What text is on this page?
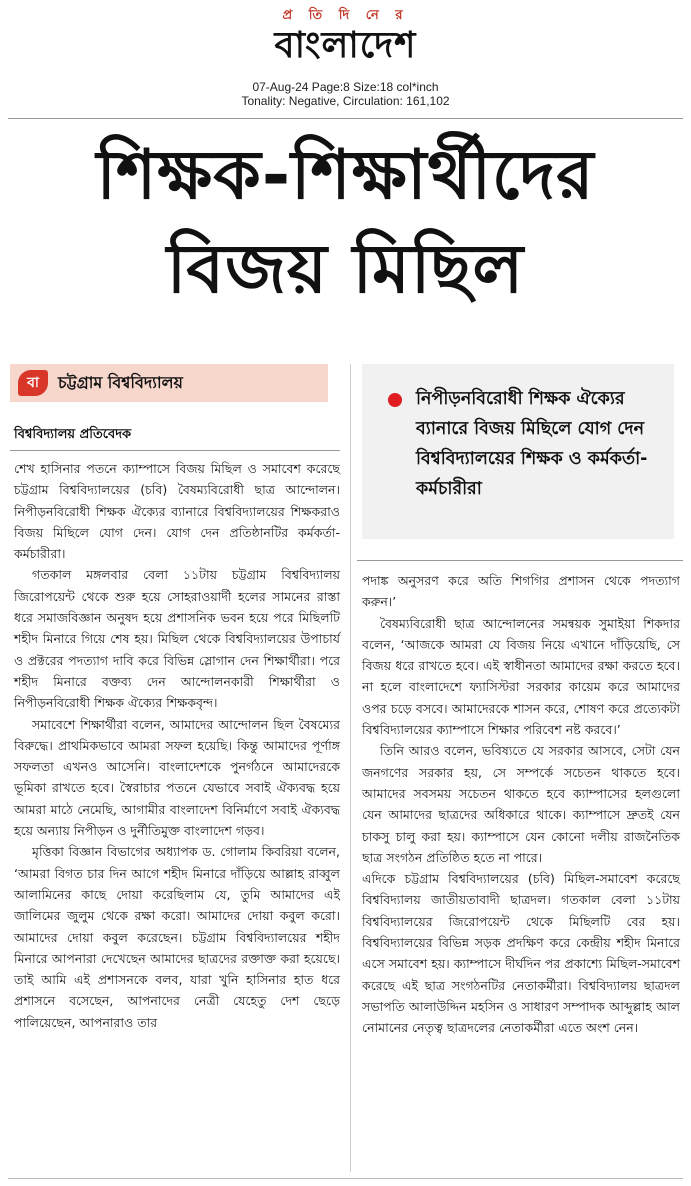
প্র তি দি নে র
বাংলাদেশ
07-Aug-24 Page:8 Size:18 col*inch
Tonality: Negative, Circulation: 161,102
শিক্ষক-শিক্ষার্থীদের
বিজয় মিছিল
বা	চট্টগ্রাম বিশ্ববিদ্যালয়
বিশ্ববিদ্যালয় প্রতিবেদক
নিপীড়নবিরোধী শিক্ষক ঐক্যের ব্যানারে বিজয় মিছিলে যোগ দেন বিশ্ববিদ্যালয়ের শিক্ষক ও কর্মকর্তা-কর্মচারীরা

শেখ হাসিনার পতনে ক্যাম্পাসে বিজয় মিছিল ও সমাবেশ করেছে চট্টগ্রাম বিশ্ববিদ্যালয়ের (চবি) বৈষম্যবিরোধী ছাত্র আন্দোলন। নিপীড়নবিরোধী শিক্ষক ঐক্যের ব্যানারে বিশ্ববিদ্যালয়ের শিক্ষকরাও বিজয় মিছিলে যোগ দেন। যোগ দেন প্রতিষ্ঠানটির কর্মকর্তা-কর্মচারীরা।

গতকাল মঙ্গলবার বেলা ১১টায় চট্টগ্রাম বিশ্ববিদ্যালয় জিরোপয়েন্ট থেকে শুরু হয়ে সোহরাওয়ার্দী হলের সামনের রাস্তা ধরে সমাজবিজ্ঞান অনুষদ হয়ে প্রশাসনিক ভবন হয়ে পরে মিছিলটি শহীদ মিনারে গিয়ে শেষ হয়। মিছিল থেকে বিশ্ববিদ্যালয়ের উপাচার্য ও প্রক্টরের পদত্যাগ দাবি করে বিভিন্ন স্লোগান দেন শিক্ষার্থীরা। পরে শহীদ মিনারে বক্তব্য দেন আন্দোলনকারী শিক্ষার্থীরা ও নিপীড়নবিরোধী শিক্ষক ঐক্যের শিক্ষকবৃন্দ।

সমাবেশে শিক্ষার্থীরা বলেন, আমাদের আন্দোলন ছিল বৈষম্যের বিরুদ্ধে। প্রাথমিকভাবে আমরা সফল হয়েছি। কিন্তু আমাদের পূর্ণাঙ্গ সফলতা এখনও আসেনি। বাংলাদেশকে পুনর্গঠনে আমাদেরকে ভূমিকা রাখতে হবে। স্বৈরাচার পতনে যেভাবে সবাই ঐক্যবদ্ধ হয়ে আমরা মাঠে নেমেছি, আগামীর বাংলাদেশ বিনির্মাণে সবাই ঐক্যবদ্ধ হয়ে অন্যায় নিপীড়ন ও দুর্নীতিমুক্ত বাংলাদেশ গড়ব।

মৃত্তিকা বিজ্ঞান বিভাগের অধ্যাপক ড. গোলাম কিবরিয়া বলেন, ‘আমরা বিগত চার দিন আগে শহীদ মিনারে দাঁড়িয়ে আল্লাহ রাব্বুল আলামিনের কাছে দোয়া করেছিলাম যে, তুমি আমাদের এই জালিমের জুলুম থেকে রক্ষা করো। আমাদের দোয়া কবুল করো। আমাদের দোয়া কবুল করেছেন। চট্টগ্রাম বিশ্ববিদ্যালয়ের শহীদ মিনারে আপনারা দেখেছেন আমাদের ছাত্রদের রক্তাক্ত করা হয়েছে। তাই আমি এই প্রশাসনকে বলব, যারা খুনি হাসিনার হাত ধরে প্রশাসনে বসেছেন, আপনাদের নেত্রী যেহেতু দেশ ছেড়ে পালিয়েছেন, আপনারাও তার

পদাঙ্ক অনুসরণ করে অতি শিগগির প্রশাসন থেকে পদত্যাগ করুন।’

বৈষম্যবিরোধী ছাত্র আন্দোলনের সমন্বয়ক সুমাইয়া শিকদার বলেন, ‘আজকে আমরা যে বিজয় নিয়ে এখানে দাঁড়িয়েছি, সে বিজয় ধরে রাখতে হবে। এই স্বাধীনতা আমাদের রক্ষা করতে হবে। না হলে বাংলাদেশে ফ্যাসিস্টরা সরকার কায়েম করে আমাদের ওপর চড়ে বসবে। আমাদেরকে শাসন করে, শোষণ করে প্রত্যেকটা বিশ্ববিদ্যালয়ের ক্যাম্পাসে শিক্ষার পরিবেশ নষ্ট করবে।’

তিনি আরও বলেন, ভবিষ্যতে যে সরকার আসবে, সেটা যেন জনগণের সরকার হয়, সে সম্পর্কে সচেতন থাকতে হবে। আমাদের সবসময় সচেতন থাকতে হবে ক্যাম্পাসের হলগুলো যেন আমাদের ছাত্রদের অধিকারে থাকে। ক্যাম্পাসে দ্রুতই যেন চাকসু চালু করা হয়। ক্যাম্পাসে যেন কোনো দলীয় রাজনৈতিক ছাত্র সংগঠন প্রতিষ্ঠিত হতে না পারে।

এদিকে চট্টগ্রাম বিশ্ববিদ্যালয়ের (চবি) মিছিল-সমাবেশ করেছে বিশ্ববিদ্যালয় জাতীয়তাবাদী ছাত্রদল। গতকাল বেলা ১১টায় বিশ্ববিদ্যালয়ের জিরোপয়েন্ট থেকে মিছিলটি বের হয়। বিশ্ববিদ্যালয়ের বিভিন্ন সড়ক প্রদক্ষিণ করে কেন্দ্রীয় শহীদ মিনারে এসে সমাবেশ হয়। ক্যাম্পাসে দীর্ঘদিন পর প্রকাশ্যে মিছিল-সমাবেশ করেছে এই ছাত্র সংগঠনটির নেতাকর্মীরা। বিশ্ববিদ্যালয় ছাত্রদল সভাপতি আলাউদ্দিন মহসিন ও সাধারণ সম্পাদক আব্দুল্লাহ আল নোমানের নেতৃত্ব ছাত্রদলের নেতাকর্মীরা এতে অংশ নেন।
